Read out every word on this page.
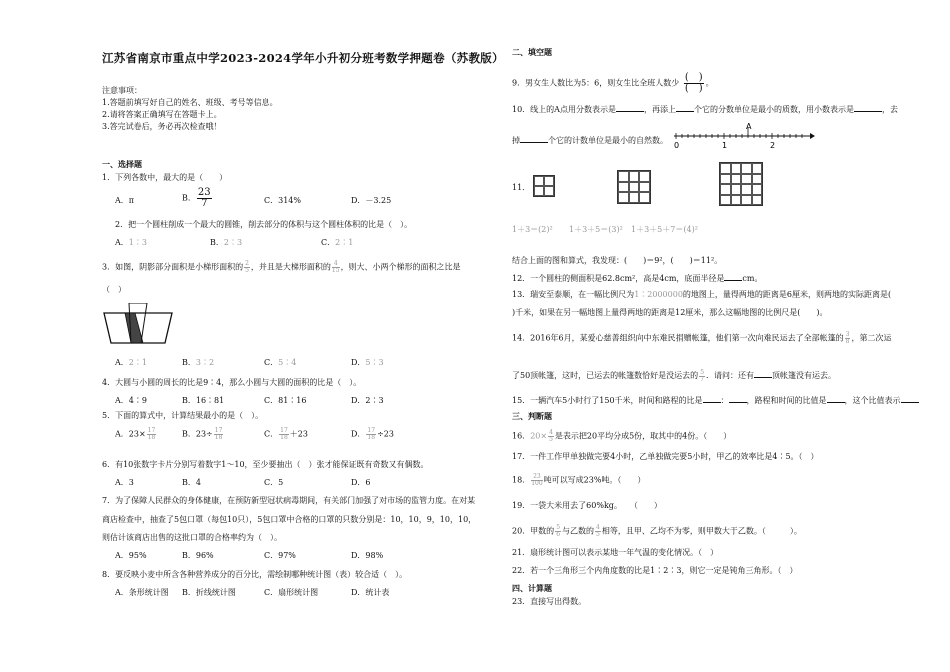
江苏省南京市重点中学2023-2024学年小升初分班考数学押题卷（苏教版）
注意事项：
1.答题前填写好自己的姓名、班级、考号等信息。
2.请将答案正确填写在答题卡上。
3.答完试卷后，务必再次检查哦！
一、选择题
1．下列各数中，最大的是（　　）
A．π	B． $\frac{23}{7}$	C．314%	D．－3.25
2．把一个圆柱削成一个最大的圆锥，削去部分的体积与这个圆柱体积的比是（　）。
A．1∶3	B．2∶3	C．2∶1
3．如图，阴影部分面积是小梯形面积的 $\frac{2}{5}$ ，并且是大梯形面积的 $\frac{4}{15}$ ，则大、小两个梯形的面积之比是
（　）
A．2∶1	B．3∶2	C．5∶4	D．5∶3
4．大圆与小圆的周长的比是9∶4，那么小圆与大圆的面积的比是（　）。
A．4∶9	B．16∶81	C．81∶16	D．2∶3
5．下面的算式中，计算结果最小的是（　）。
A．$23\times \frac{17}{18}$	B．$23\div \frac{17}{18}$	C． $\frac{17}{18} +23$	D． $\frac{17}{18} \div 23$
6．有10张数字卡片分别写着数字1～10，至少要抽出（　）张才能保证既有奇数又有偶数。
A．3	B．4	C．5	D．6
7．为了保障人民群众的身体健康，在预防新型冠状病毒期间，有关部门加强了对市场的监管力度。在对某
商店检查中，抽查了5包口罩（每包10只），5包口罩中合格的口罩的只数分别是：10，10，9，10，10，
则估计该商店出售的这批口罩的合格率约为（　）。
A．95%	B．96%	C．97%	D．98%
8．要反映小麦中所含各种营养成分的百分比，需绘制哪种统计图（表）较合适（　）。
A．条形统计图 B．折线统计图	C．扇形统计图	D．统计表
二、填空题
9．男女生人数比为5：6，则女生比全班人数少 $\frac{( )}{( )}$ 。
10．线上的A点用分数表示是	，再添上 个它的分数单位是最小的质数，用小数表示是	，去
掉	个它的计数单位是最小的自然数。
A
0	1	2
11．
1＋3＝(2)² 1＋3＋5＝(3)² 1＋3＋5＋7＝(4)²
结合上面的图和算式，我发现：(　　)＝9²，(　　)＝11²。
12．一个圆柱的侧面积是62.8cm²，高是4cm，底面半径是 cm。
13．瑞安至泰顺，在一幅比例尺为1∶2000000的地图上，量得两地的距离是6厘米，则两地的实际距离是(
)千米，如果在另一幅地图上量得两地的距离是12厘米，那么这幅地图的比例尺是(　　)。
14．2016年6月，某爱心慈善组织向中东难民捐赠帐篷，他们第一次向难民运去了全部帐篷的 $\frac{3}{8}$ ，第二次运
了50顶帐篷，这时，已运去的帐篷数恰好是没运去的 $\frac{5}{7}$ ．请问：还有 顶帐篷没有运去。
15．一辆汽车5小时行了150千米，时间和路程的比是 ： ，路程和时间的比值是 ，这个比值表示
三、判断题
16．$20\times \frac{4}{5}$ 是表示把20平均分成5份，取其中的4份。（　　）
17．一件工作甲单独做完要4小时，乙单独做完要5小时，甲乙的效率比是4∶5。（　）
18． $\frac{23}{100}$ 吨可以写成23%吨。（　　）
19．一袋大米用去了60%kg。　　（　　）
20．甲数的 $\frac{5}{6}$ 与乙数的 $\frac{4}{5}$ 相等，且甲、乙均不为零，则甲数大于乙数。（　　　）。
21．扇形统计图可以表示某地一年气温的变化情况。（　）
22．若一个三角形三个内角度数的比是1∶2∶3，则它一定是钝角三角形。（　）
四、计算题
23．直接写出得数。
